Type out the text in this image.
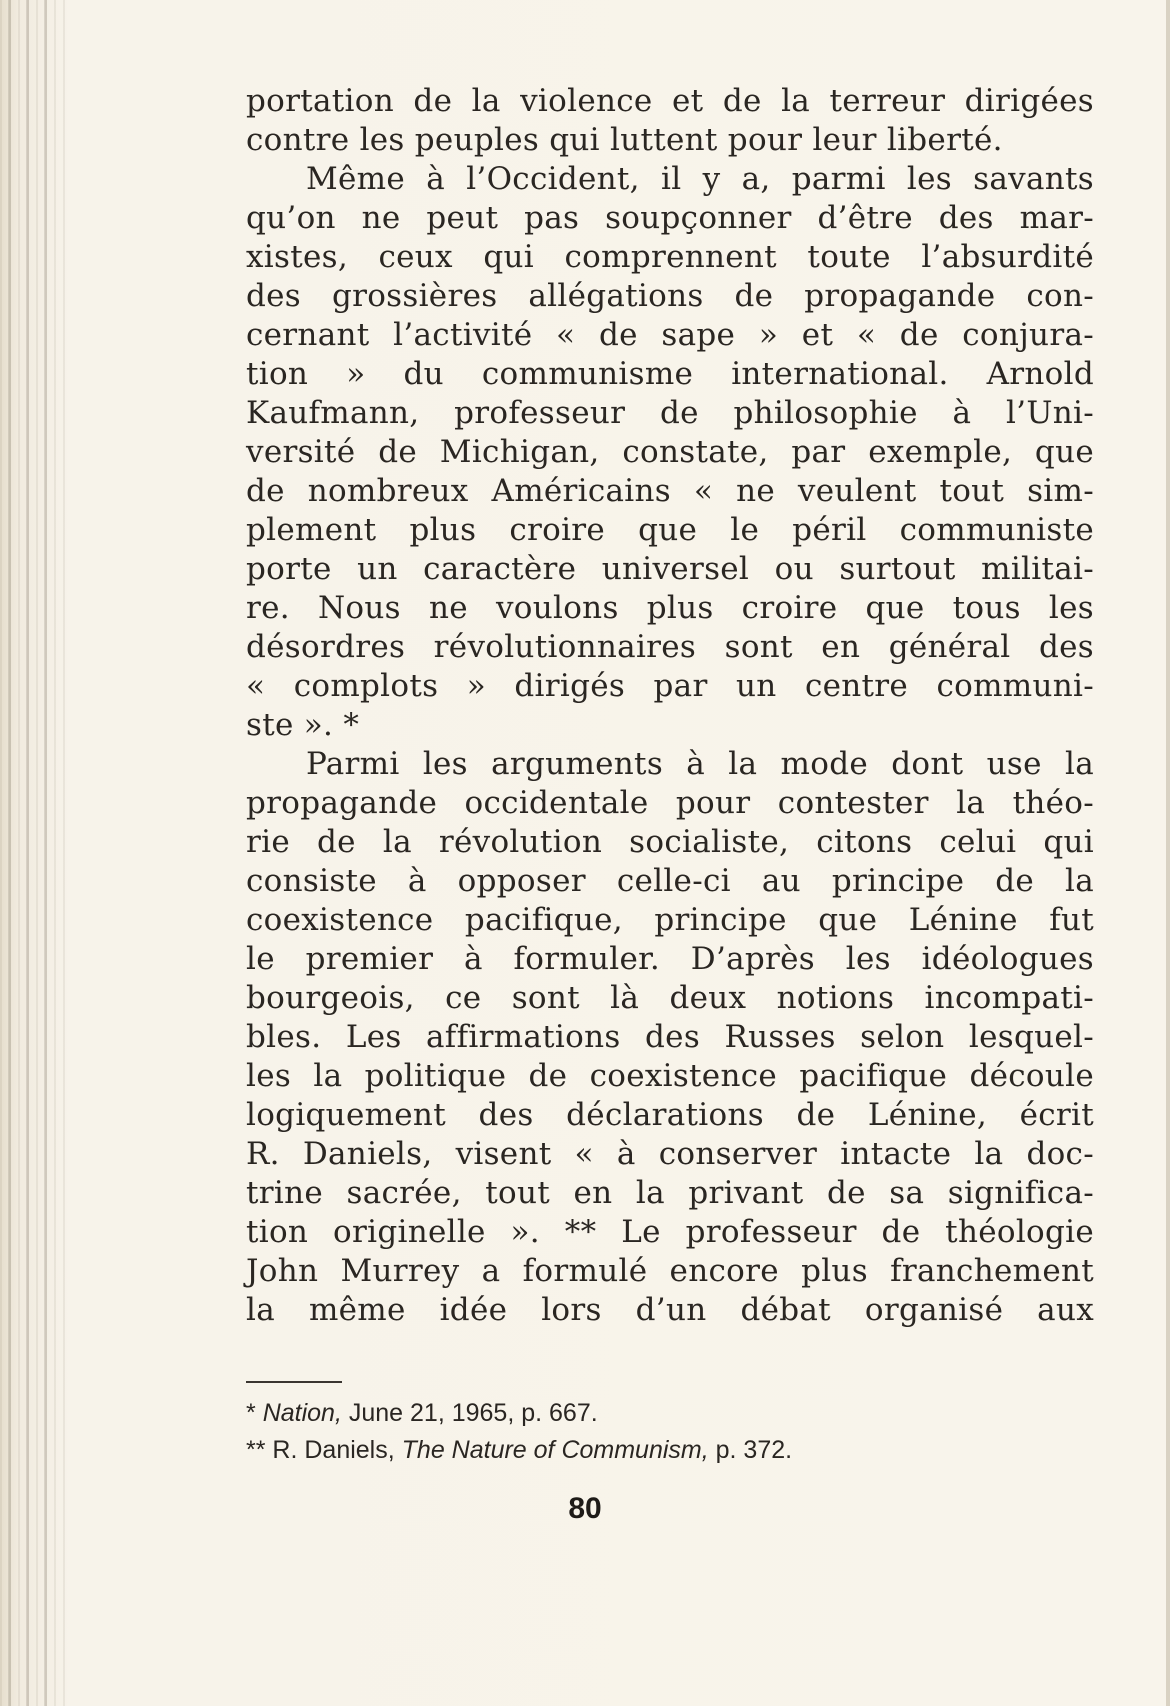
portation de la violence et de la terreur dirigées
contre les peuples qui luttent pour leur liberté.
Même à l’Occident, il y a, parmi les savants
qu’on ne peut pas soupçonner d’être des mar-
xistes, ceux qui comprennent toute l’absurdité
des grossières allégations de propagande con-
cernant l’activité « de sape » et « de conjura-
tion » du communisme international. Arnold
Kaufmann, professeur de philosophie à l’Uni-
versité de Michigan, constate, par exemple, que
de nombreux Américains « ne veulent tout sim-
plement plus croire que le péril communiste
porte un caractère universel ou surtout militai-
re. Nous ne voulons plus croire que tous les
désordres révolutionnaires sont en général des
« complots » dirigés par un centre communi-
ste ». *
Parmi les arguments à la mode dont use la
propagande occidentale pour contester la théo-
rie de la révolution socialiste, citons celui qui
consiste à opposer celle-ci au principe de la
coexistence pacifique, principe que Lénine fut
le premier à formuler. D’après les idéologues
bourgeois, ce sont là deux notions incompati-
bles. Les affirmations des Russes selon lesquel-
les la politique de coexistence pacifique découle
logiquement des déclarations de Lénine, écrit
R. Daniels, visent « à conserver intacte la doc-
trine sacrée, tout en la privant de sa significa-
tion originelle ». ** Le professeur de théologie
John Murrey a formulé encore plus franchement
la même idée lors d’un débat organisé aux
* Nation, June 21, 1965, p. 667.
** R. Daniels, The Nature of Communism, p. 372.
80
